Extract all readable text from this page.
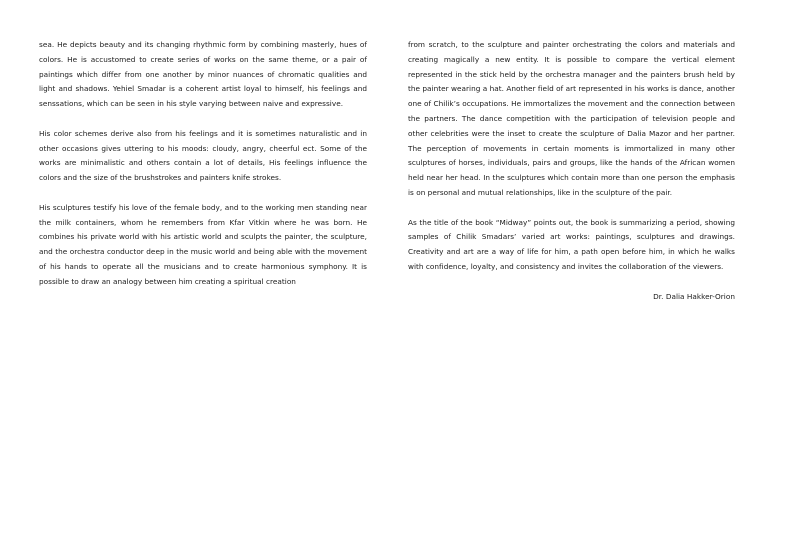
sea. He depicts beauty and its changing rhythmic form by combining masterly, hues of colors. He is accustomed to create series of works on the same theme, or a pair of paintings which differ from one another by minor nuances of chromatic qualities and light and shadows. Yehiel Smadar is a coherent artist loyal to himself, his feelings and senssations, which can be seen in his style varying between naive and expressive.

His color schemes derive also from his feelings and it is sometimes naturalistic and in other occasions gives uttering to his moods: cloudy, angry, cheerful ect. Some of the works are minimalistic and others contain a lot of details, His feelings influence the colors and the size of the brushstrokes and painters knife strokes.

His sculptures testify his love of the female body, and to the working men standing near the milk containers, whom he remembers from Kfar Vitkin where he was born. He combines his private world with his artistic world and sculpts the painter, the sculpture, and the orchestra conductor deep in the music world and being able with the movement of his hands to operate all the musicians and to create harmonious symphony. It is possible to draw an analogy between him creating a spiritual creation

from scratch, to the sculpture and painter orchestrating the colors and materials and creating magically a new entity. It is possible to compare the vertical element represented in the stick held by the orchestra manager and the painters brush held by the painter wearing a hat. Another field of art represented in his works is dance, another one of Chilik’s occupations. He immortalizes the movement and the connection between the partners. The dance competition with the participation of television people and other celebrities were the inset to create the sculpture of Dalia Mazor and her partner. The perception of movements in certain moments is immortalized in many other sculptures of horses, individuals, pairs and groups, like the hands of the African women held near her head. In the sculptures which contain more than one person the emphasis is on personal and mutual relationships, like in the sculpture of the pair.

As the title of the book “Midway” points out, the book is summarizing a period, showing samples of Chilik Smadars’ varied art works: paintings, sculptures and drawings. Creativity and art are a way of life for him, a path open before him, in which he walks with confidence, loyalty, and consistency and invites the collaboration of the viewers.

Dr. Dalia Hakker-Orion
